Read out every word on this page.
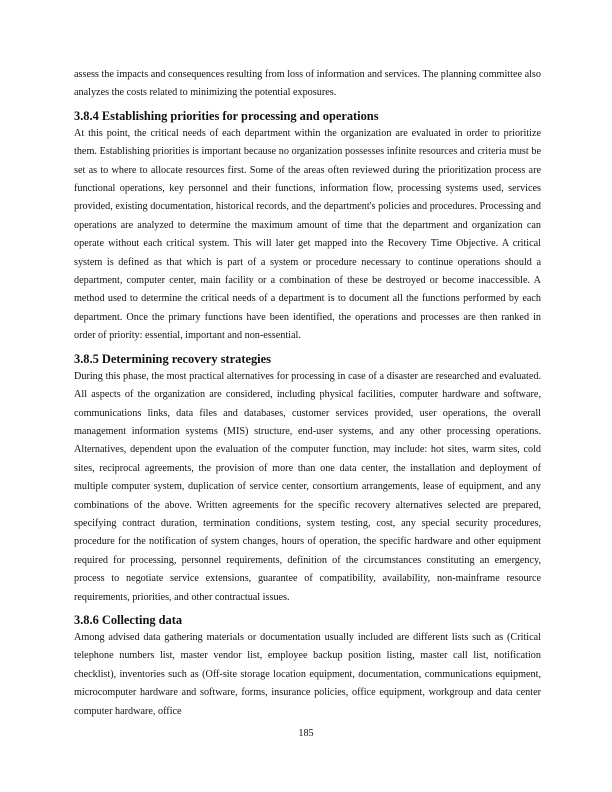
assess the impacts and consequences resulting from loss of information and services. The planning committee also analyzes the costs related to minimizing the potential exposures.

3.8.4 Establishing priorities for processing and operations

At this point, the critical needs of each department within the organization are evaluated in order to prioritize them. Establishing priorities is important because no organization possesses infinite resources and criteria must be set as to where to allocate resources first. Some of the areas often reviewed during the prioritization process are functional operations, key personnel and their functions, information flow, processing systems used, services provided, existing documentation, historical records, and the department's policies and procedures. Processing and operations are analyzed to determine the maximum amount of time that the department and organization can operate without each critical system. This will later get mapped into the Recovery Time Objective. A critical system is defined as that which is part of a system or procedure necessary to continue operations should a department, computer center, main facility or a combination of these be destroyed or become inaccessible. A method used to determine the critical needs of a department is to document all the functions performed by each department. Once the primary functions have been identified, the operations and processes are then ranked in order of priority: essential, important and non-essential.

3.8.5 Determining recovery strategies

During this phase, the most practical alternatives for processing in case of a disaster are researched and evaluated. All aspects of the organization are considered, including physical facilities, computer hardware and software, communications links, data files and databases, customer services provided, user operations, the overall management information systems (MIS) structure, end-user systems, and any other processing operations. Alternatives, dependent upon the evaluation of the computer function, may include: hot sites, warm sites, cold sites, reciprocal agreements, the provision of more than one data center, the installation and deployment of multiple computer system, duplication of service center, consortium arrangements, lease of equipment, and any combinations of the above. Written agreements for the specific recovery alternatives selected are prepared, specifying contract duration, termination conditions, system testing, cost, any special security procedures, procedure for the notification of system changes, hours of operation, the specific hardware and other equipment required for processing, personnel requirements, definition of the circumstances constituting an emergency, process to negotiate service extensions, guarantee of compatibility, availability, non-mainframe resource requirements, priorities, and other contractual issues.

3.8.6 Collecting data

Among advised data gathering materials or documentation usually included are different lists such as (Critical telephone numbers list, master vendor list, employee backup position listing, master call list, notification checklist), inventories such as (Off-site storage location equipment, documentation, communications equipment, microcomputer hardware and software, forms, insurance policies, office equipment, workgroup and data center computer hardware, office

185
